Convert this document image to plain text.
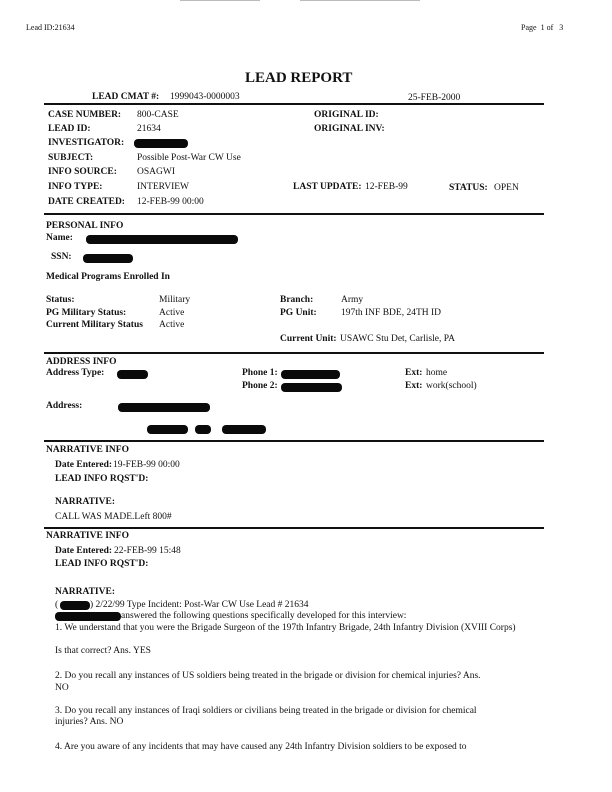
Lead ID:21634	Page 1 of 3
LEAD REPORT
LEAD CMAT #: 1999043-0000003	25-FEB-2000
CASE NUMBER: 800-CASE	ORIGINAL ID:
LEAD ID:	21634	ORIGINAL INV:
INVESTIGATOR:
SUBJECT:	Possible Post-War CW Use
INFO SOURCE: OSAGWI
INFO TYPE:	INTERVIEW	LAST UPDATE: 12-FEB-99	STATUS: OPEN
DATE CREATED: 12-FEB-99 00:00
PERSONAL INFO
Name:
SSN:
Medical Programs Enrolled In
Status:	Military	Branch:	Army
PG Military Status:	Active	PG Unit:	197th INF BDE, 24TH ID
Current Military Status Active
Current Unit: USAWC Stu Det, Carlisle, PA
ADDRESS INFO
Address Type:	Phone 1:	Ext: home
Phone 2:	Ext: work(school)
Address:
NARRATIVE INFO
Date Entered: 19-FEB-99 00:00
LEAD INFO RQST'D:
NARRATIVE:
CALL WAS MADE.Left 800#
NARRATIVE INFO
Date Entered: 22-FEB-99 15:48
LEAD INFO RQST'D:
NARRATIVE:
(	) 2/22/99 Type Incident: Post-War CW Use Lead # 21634
answered the following questions specifically developed for this interview:
1. We understand that you were the Brigade Surgeon of the 197th Infantry Brigade, 24th Infantry Division (XVIII Corps)
Is that correct? Ans. YES
2. Do you recall any instances of US soldiers being treated in the brigade or division for chemical injuries? Ans.
NO
3. Do you recall any instances of Iraqi soldiers or civilians being treated in the brigade or division for chemical
injuries? Ans. NO
4. Are you aware of any incidents that may have caused any 24th Infantry Division soldiers to be exposed to
